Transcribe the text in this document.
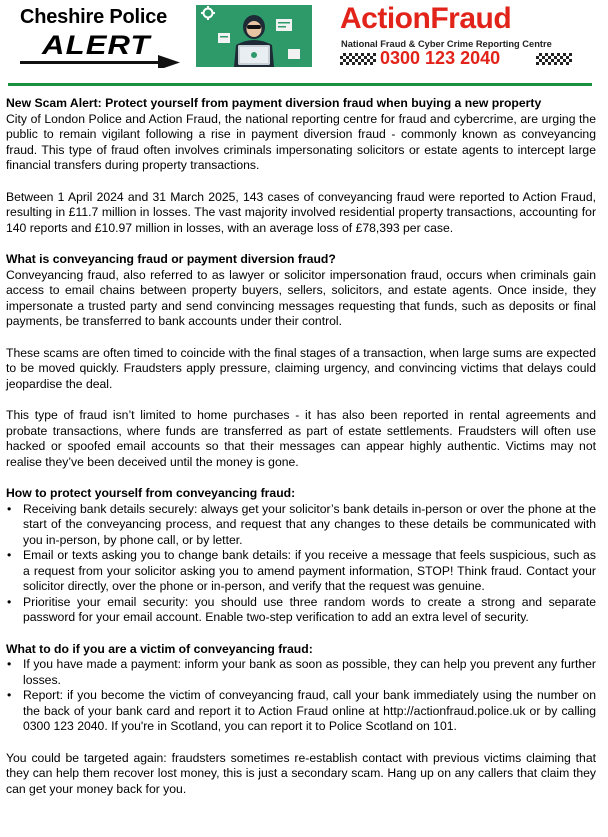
Cheshire Police
ALERT
ActionFraud
National Fraud & Cyber Crime Reporting Centre
0300 123 2040
New Scam Alert: Protect yourself from payment diversion fraud when buying a new property

City of London Police and Action Fraud, the national reporting centre for fraud and cybercrime, are urging the public to remain vigilant following a rise in payment diversion fraud - commonly known as conveyancing fraud. This type of fraud often involves criminals impersonating solicitors or estate agents to intercept large financial transfers during property transactions.

Between 1 April 2024 and 31 March 2025, 143 cases of conveyancing fraud were reported to Action Fraud, resulting in £11.7 million in losses. The vast majority involved residential property transactions, accounting for 140 reports and £10.97 million in losses, with an average loss of £78,393 per case.

What is conveyancing fraud or payment diversion fraud?

Conveyancing fraud, also referred to as lawyer or solicitor impersonation fraud, occurs when criminals gain access to email chains between property buyers, sellers, solicitors, and estate agents. Once inside, they impersonate a trusted party and send convincing messages requesting that funds, such as deposits or final payments, be transferred to bank accounts under their control.

These scams are often timed to coincide with the final stages of a transaction, when large sums are expected to be moved quickly. Fraudsters apply pressure, claiming urgency, and convincing victims that delays could jeopardise the deal.

This type of fraud isn’t limited to home purchases - it has also been reported in rental agreements and probate transactions, where funds are transferred as part of estate settlements. Fraudsters will often use hacked or spoofed email accounts so that their messages can appear highly authentic. Victims may not realise they’ve been deceived until the money is gone.

How to protect yourself from conveyancing fraud:
• Receiving bank details securely: always get your solicitor’s bank details in-person or over the phone at the start of the conveyancing process, and request that any changes to these details be communicated with you in-person, by phone call, or by letter.
• Email or texts asking you to change bank details: if you receive a message that feels suspicious, such as a request from your solicitor asking you to amend payment information, STOP! Think fraud. Contact your solicitor directly, over the phone or in-person, and verify that the request was genuine.
• Prioritise your email security: you should use three random words to create a strong and separate password for your email account. Enable two-step verification to add an extra level of security.
What to do if you are a victim of conveyancing fraud:
• If you have made a payment: inform your bank as soon as possible, they can help you prevent any further losses.
• Report: if you become the victim of conveyancing fraud, call your bank immediately using the number on the back of your bank card and report it to Action Fraud online at http://actionfraud.police.uk or by calling 0300 123 2040. If you're in Scotland, you can report it to Police Scotland on 101.

You could be targeted again: fraudsters sometimes re-establish contact with previous victims claiming that they can help them recover lost money, this is just a secondary scam. Hang up on any callers that claim they can get your money back for you.
